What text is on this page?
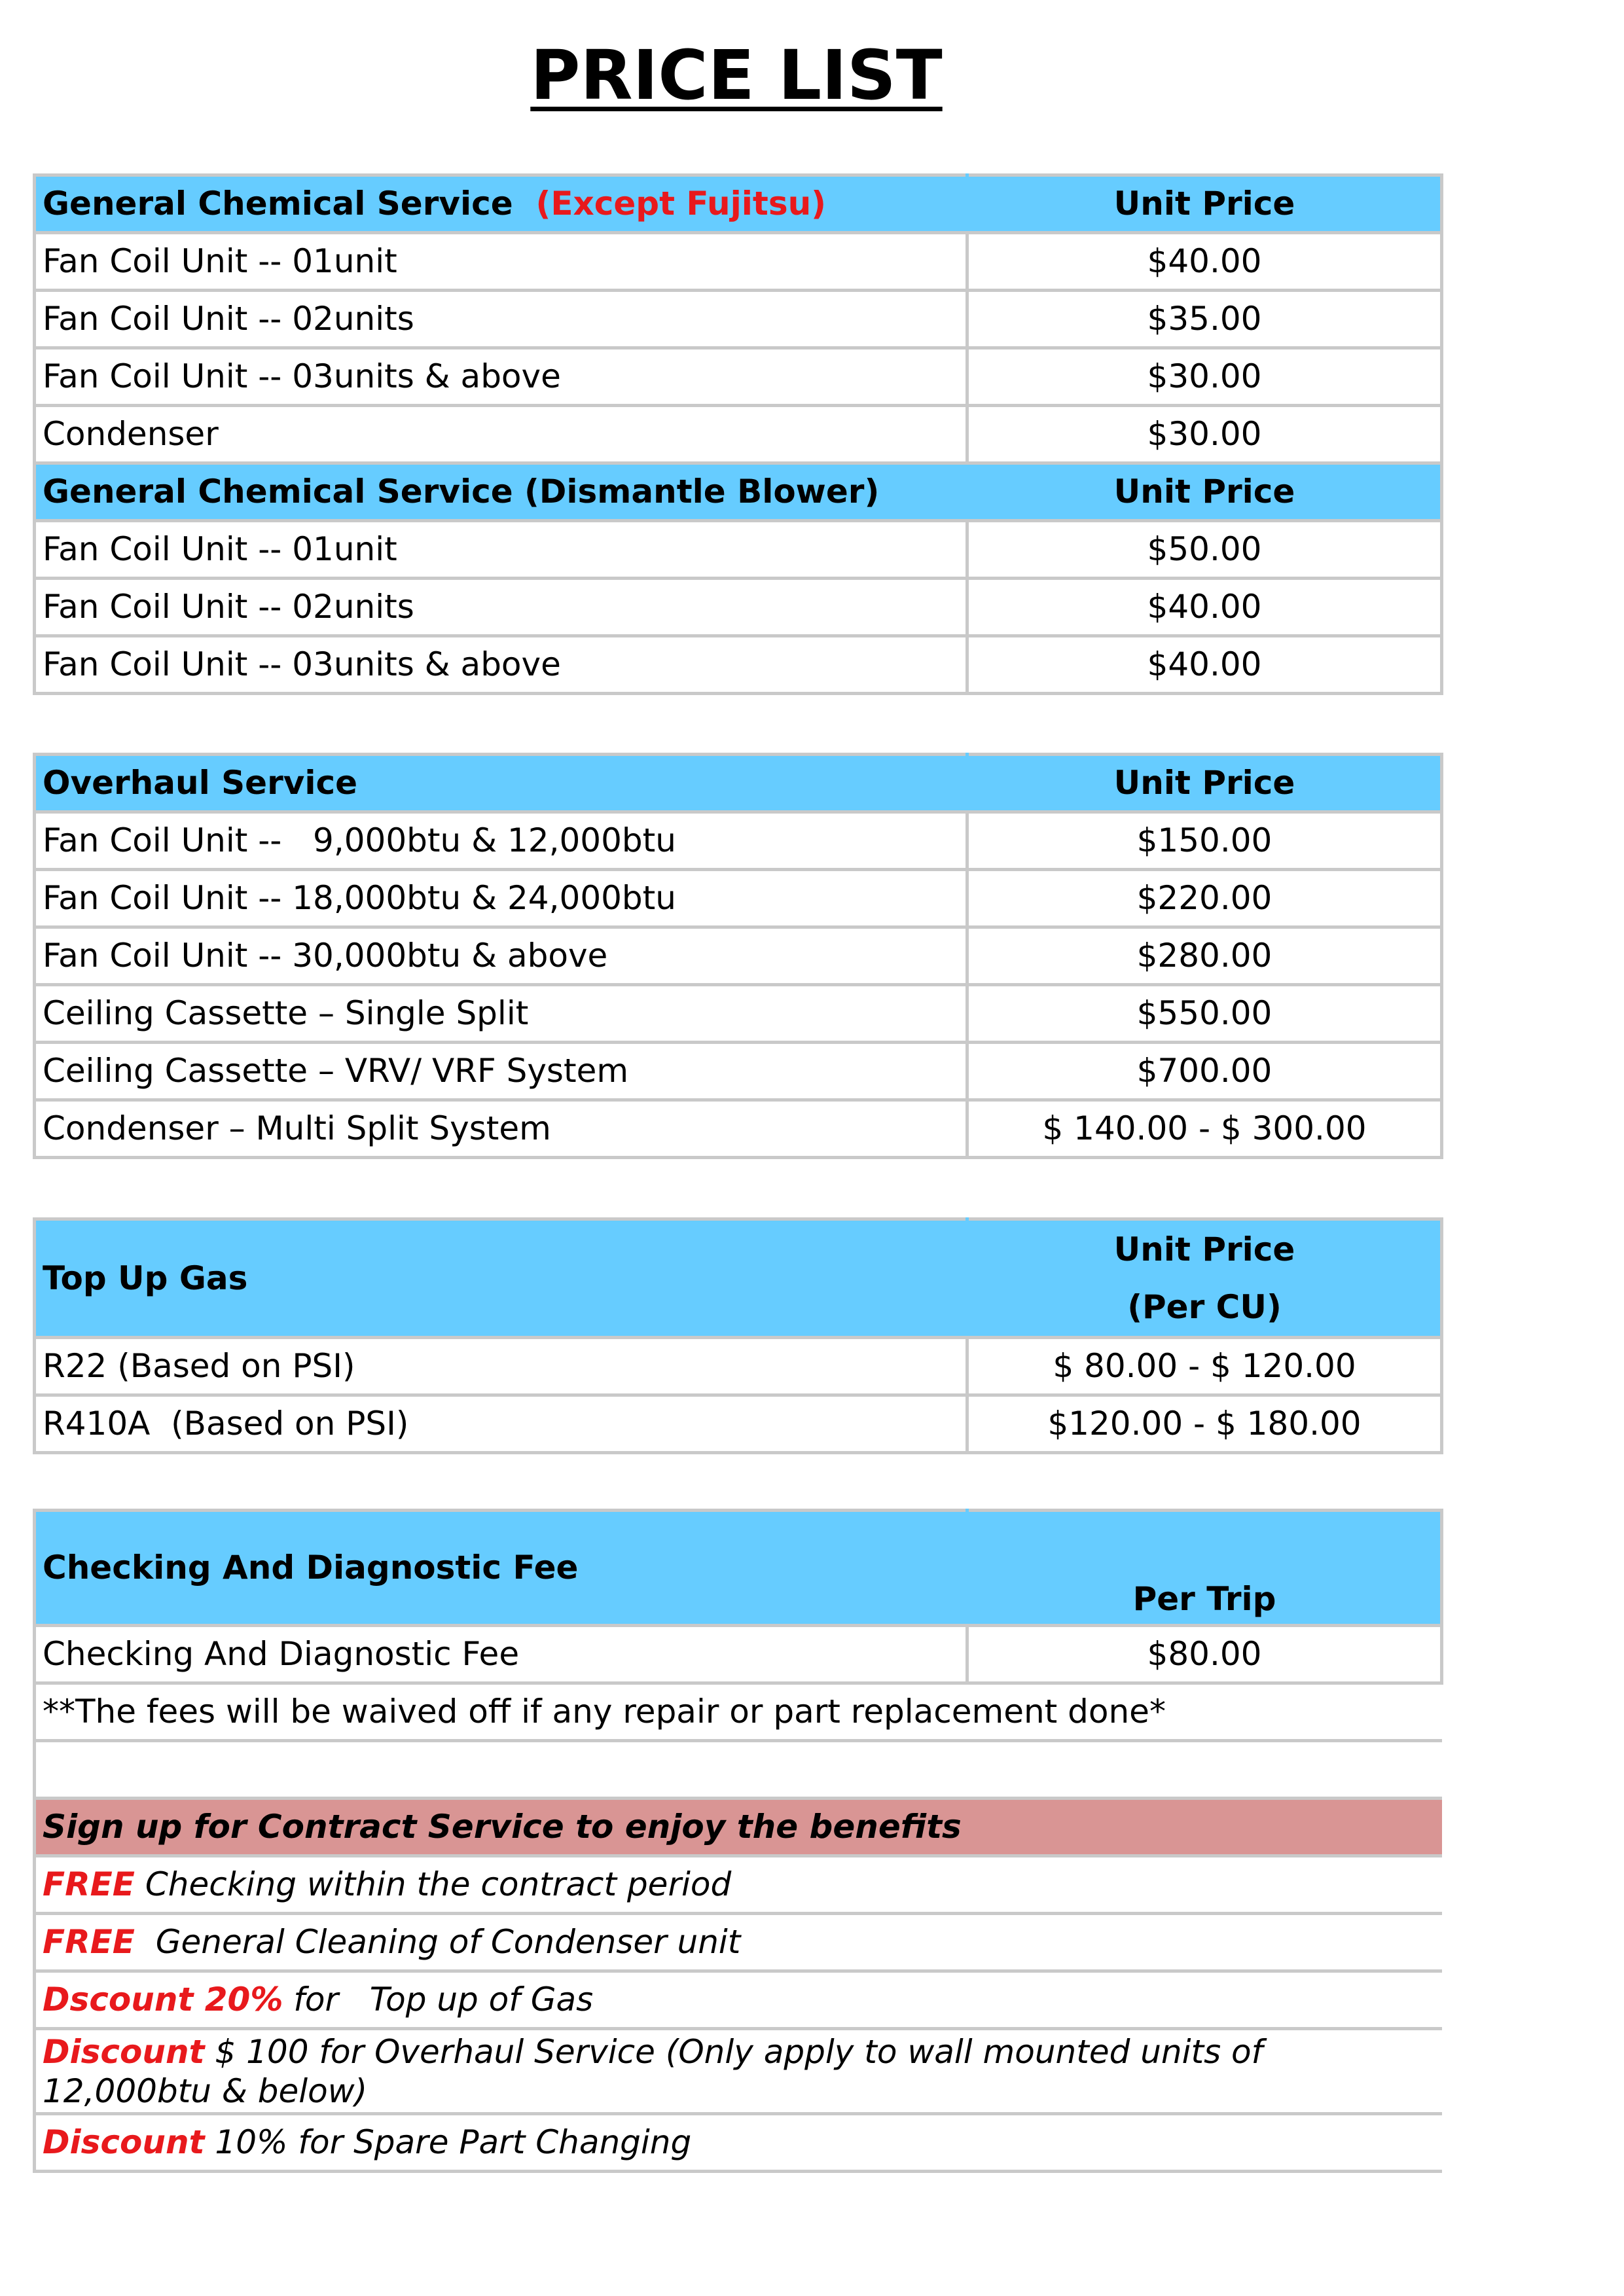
PRICE LIST
General Chemical Service (Except Fujitsu)	Unit Price
Fan Coil Unit -- 01unit	$40.00
Fan Coil Unit -- 02units	$35.00
Fan Coil Unit -- 03units & above	$30.00
Condenser	$30.00
General Chemical Service (Dismantle Blower)	Unit Price
Fan Coil Unit -- 01unit	$50.00
Fan Coil Unit -- 02units	$40.00
Fan Coil Unit -- 03units & above	$40.00
Overhaul Service	Unit Price
Fan Coil Unit --   9,000btu & 12,000btu	$150.00
Fan Coil Unit -- 18,000btu & 24,000btu	$220.00
Fan Coil Unit -- 30,000btu & above	$280.00
Ceiling Cassette – Single Split	$550.00
Ceiling Cassette – VRV/ VRF System	$700.00
Condenser – Multi Split System	$ 140.00 - $ 300.00
Top Up Gas	Unit Price
(Per CU)

R22 (Based on PSI)	$ 80.00 - $ 120.00
R410A  (Based on PSI)	$120.00 - $ 180.00
Checking And Diagnostic Fee	Per Trip
Checking And Diagnostic Fee	$80.00
**The fees will be waived off if any repair or part replacement done*	

Sign up for Contract Service to enjoy the benefits	
FREE Checking within the contract period	
FREE  General Cleaning of Condenser unit	
Dscount 20% for   Top up of Gas	
Discount $ 100 for Overhaul Service (Only apply to wall mounted units of 12,000btu & below)	
Discount 10% for Spare Part Changing	
